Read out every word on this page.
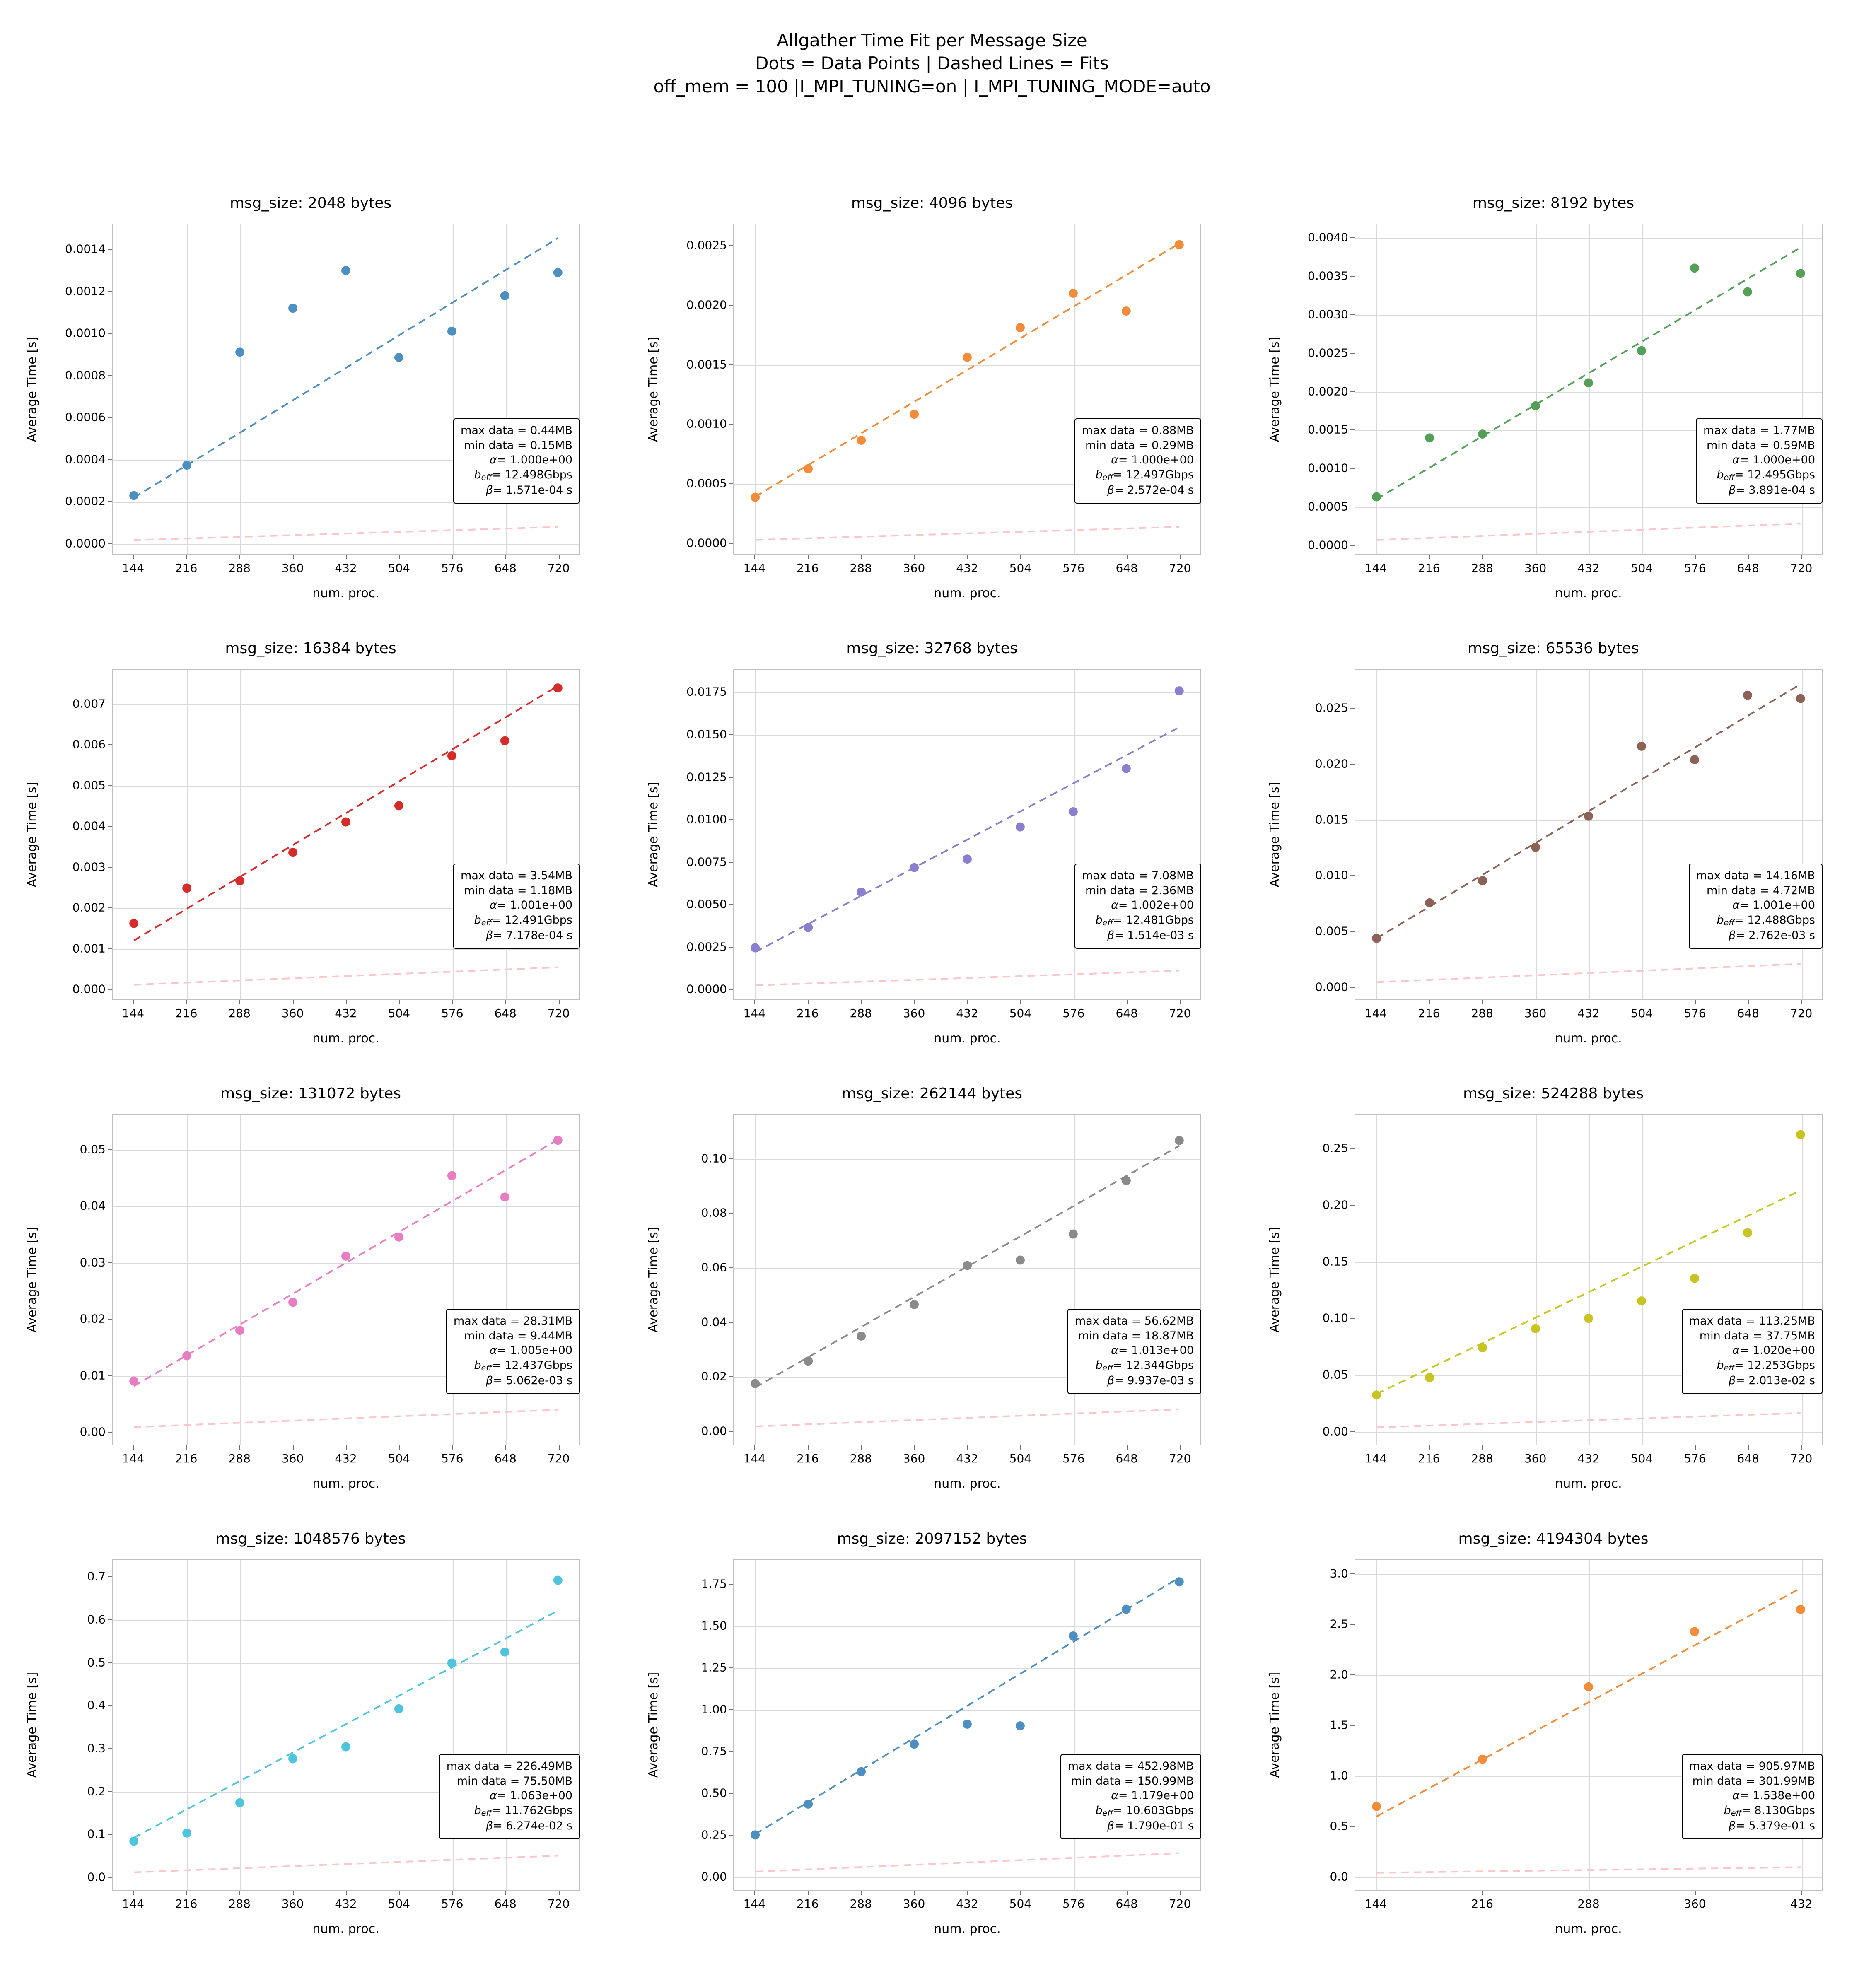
Allgather Time Fit per Message Size
Dots = Data Points | Dashed Lines = Fits
off_mem = 100 |I_MPI_TUNING=on | I_MPI_TUNING_MODE=auto
msg_size: 2048 bytes
0.0000
0.0002
0.0004
0.0006
0.0008
0.0010
0.0012
0.0014
144	216	288	360	432	504	576	648	720
Average Time [s]
num. proc.
max data = 0.44MB
min data = 0.15MB
α= 1.000e+00
$b_{eff}=$ 12.498Gbps
β= 1.571e-04 s
msg_size: 4096 bytes
0.0000
0.0005
0.0010
0.0015
0.0020
0.0025
144	216	288	360	432	504	576	648	720
Average Time [s]
num. proc.
max data = 0.88MB
min data = 0.29MB
α= 1.000e+00
$b_{eff}=$ 12.497Gbps
β= 2.572e-04 s
msg_size: 8192 bytes
0.0000
0.0005
0.0010
0.0015
0.0020
0.0025
0.0030
0.0035
0.0040
144	216	288	360	432	504	576	648	720
Average Time [s]
num. proc.
max data = 1.77MB
min data = 0.59MB
α= 1.000e+00
$b_{eff}=$ 12.495Gbps
β= 3.891e-04 s
msg_size: 16384 bytes
0.000
0.001
0.002
0.003
0.004
0.005
0.006
0.007
144	216	288	360	432	504	576	648	720
Average Time [s]
num. proc.
max data = 3.54MB
min data = 1.18MB
α= 1.001e+00
$b_{eff}=$ 12.491Gbps
β= 7.178e-04 s
msg_size: 32768 bytes
0.0000
0.0025
0.0050
0.0075
0.0100
0.0125
0.0150
0.0175
144	216	288	360	432	504	576	648	720
Average Time [s]
num. proc.
max data = 7.08MB
min data = 2.36MB
α= 1.002e+00
$b_{eff}=$ 12.481Gbps
β= 1.514e-03 s
msg_size: 65536 bytes
0.000
0.005
0.010
0.015
0.020
0.025
144	216	288	360	432	504	576	648	720
Average Time [s]
num. proc.
max data = 14.16MB
min data = 4.72MB
α= 1.001e+00
$b_{eff}=$ 12.488Gbps
β= 2.762e-03 s
msg_size: 131072 bytes
0.00
0.01
0.02
0.03
0.04
0.05
144	216	288	360	432	504	576	648	720
Average Time [s]
num. proc.
max data = 28.31MB
min data = 9.44MB
α= 1.005e+00
$b_{eff}=$ 12.437Gbps
β= 5.062e-03 s
msg_size: 262144 bytes
0.00
0.02
0.04
0.06
0.08
0.10
144	216	288	360	432	504	576	648	720
Average Time [s]
num. proc.
max data = 56.62MB
min data = 18.87MB
α= 1.013e+00
$b_{eff}=$ 12.344Gbps
β= 9.937e-03 s
msg_size: 524288 bytes
0.00
0.05
0.10
0.15
0.20
0.25
144	216	288	360	432	504	576	648	720
Average Time [s]
num. proc.
max data = 113.25MB
min data = 37.75MB
α= 1.020e+00
$b_{eff}=$ 12.253Gbps
β= 2.013e-02 s
msg_size: 1048576 bytes
0.0
0.1
0.2
0.3
0.4
0.5
0.6
0.7
144	216	288	360	432	504	576	648	720
Average Time [s]
num. proc.
max data = 226.49MB
min data = 75.50MB
α= 1.063e+00
$b_{eff}=$ 11.762Gbps
β= 6.274e-02 s
msg_size: 2097152 bytes
0.00
0.25
0.50
0.75
1.00
1.25
1.50
1.75
144	216	288	360	432	504	576	648	720
Average Time [s]
num. proc.
max data = 452.98MB
min data = 150.99MB
α= 1.179e+00
$b_{eff}=$ 10.603Gbps
β= 1.790e-01 s
msg_size: 4194304 bytes
0.0
0.5
1.0
1.5
2.0
2.5
3.0
144	216	288	360	432
Average Time [s]
num. proc.
max data = 905.97MB
min data = 301.99MB
α= 1.538e+00
$b_{eff}=$ 8.130Gbps
β= 5.379e-01 s
